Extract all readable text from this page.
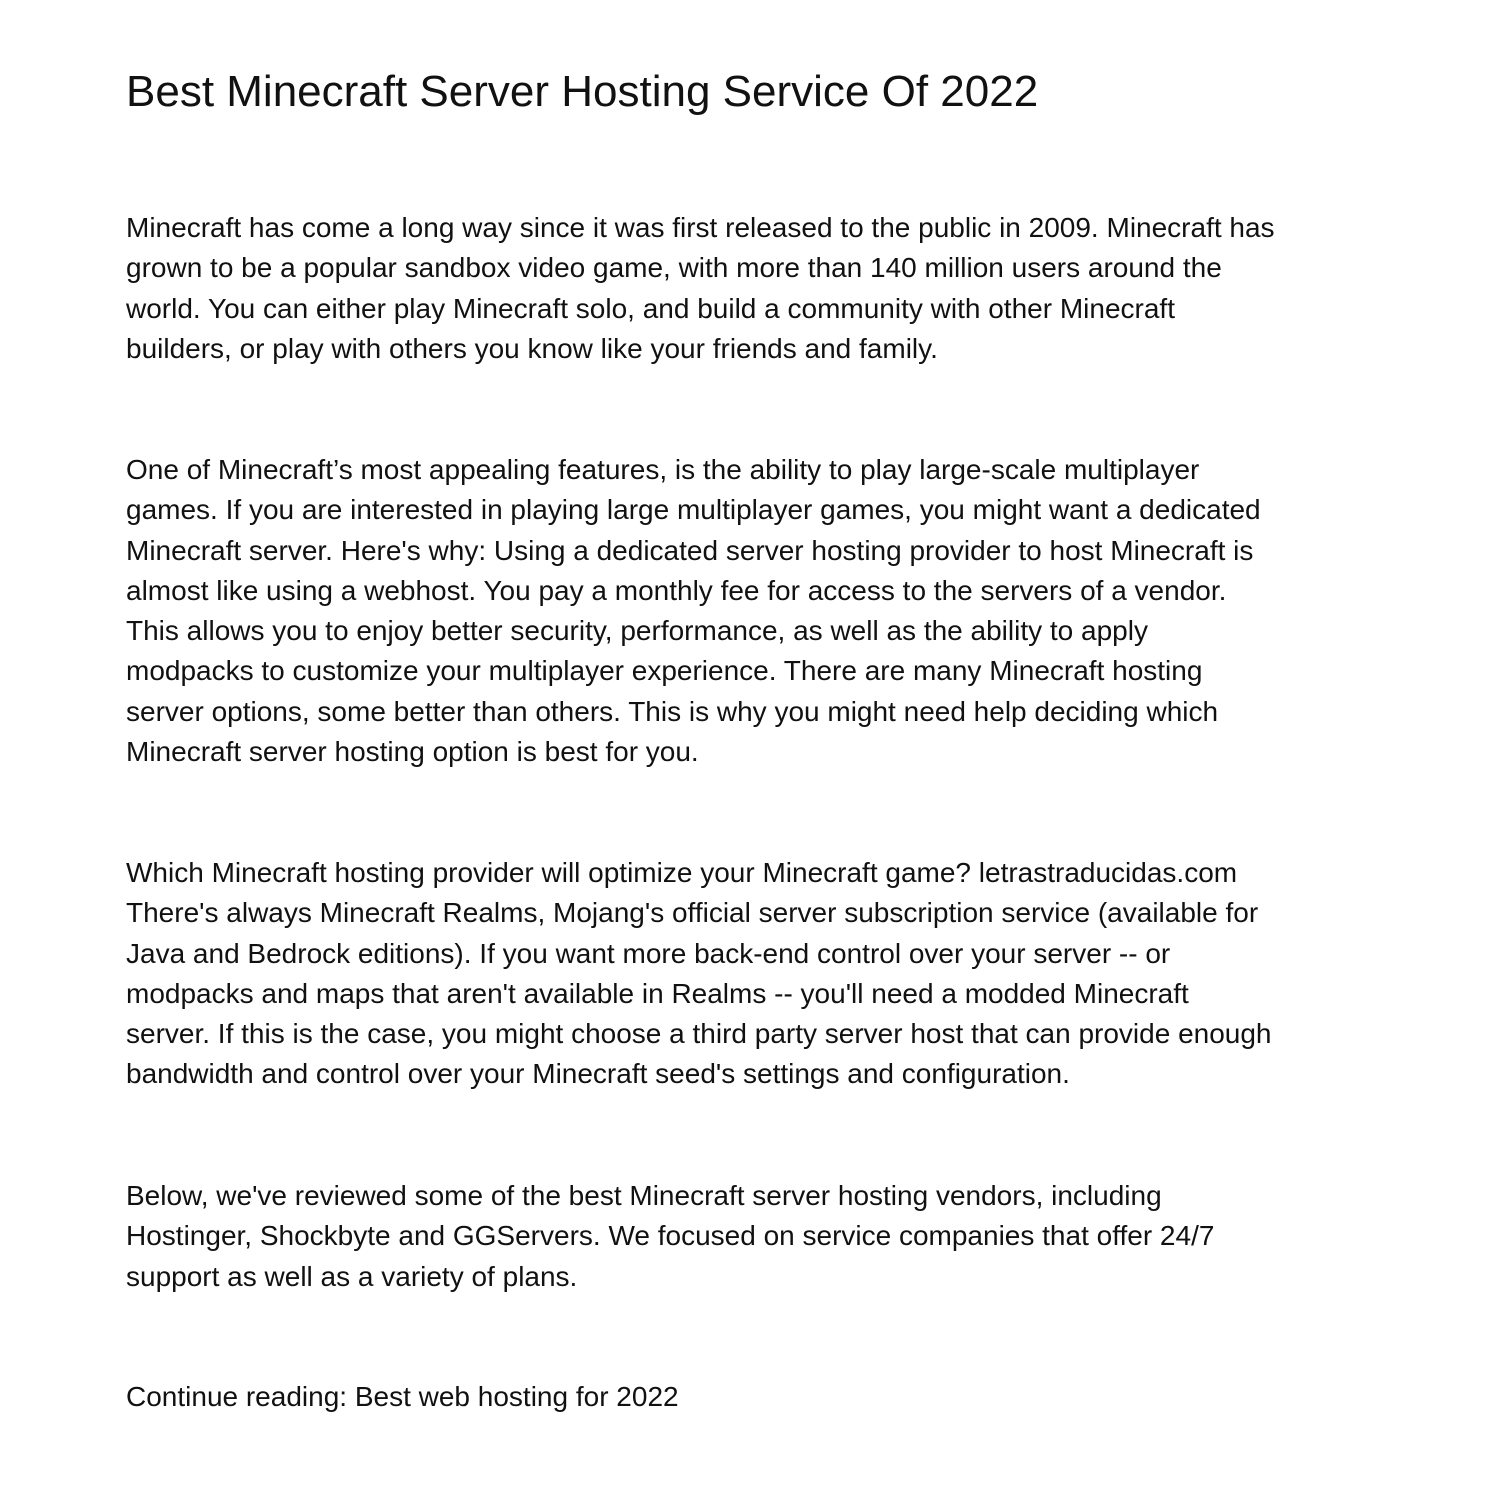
Best Minecraft Server Hosting Service Of 2022

Minecraft has come a long way since it was first released to the public in 2009. Minecraft has
grown to be a popular sandbox video game, with more than 140 million users around the
world. You can either play Minecraft solo, and build a community with other Minecraft
builders, or play with others you know like your friends and family.

One of Minecraft’s most appealing features, is the ability to play large-scale multiplayer
games. If you are interested in playing large multiplayer games, you might want a dedicated
Minecraft server. Here's why: Using a dedicated server hosting provider to host Minecraft is
almost like using a webhost. You pay a monthly fee for access to the servers of a vendor.
This allows you to enjoy better security, performance, as well as the ability to apply
modpacks to customize your multiplayer experience. There are many Minecraft hosting
server options, some better than others. This is why you might need help deciding which
Minecraft server hosting option is best for you.

Which Minecraft hosting provider will optimize your Minecraft game? letrastraducidas.com
There's always Minecraft Realms, Mojang's official server subscription service (available for
Java and Bedrock editions). If you want more back-end control over your server -- or
modpacks and maps that aren't available in Realms -- you'll need a modded Minecraft
server. If this is the case, you might choose a third party server host that can provide enough
bandwidth and control over your Minecraft seed's settings and configuration.

Below, we've reviewed some of the best Minecraft server hosting vendors, including
Hostinger, Shockbyte and GGServers. We focused on service companies that offer 24/7
support as well as a variety of plans.

Continue reading: Best web hosting for 2022
